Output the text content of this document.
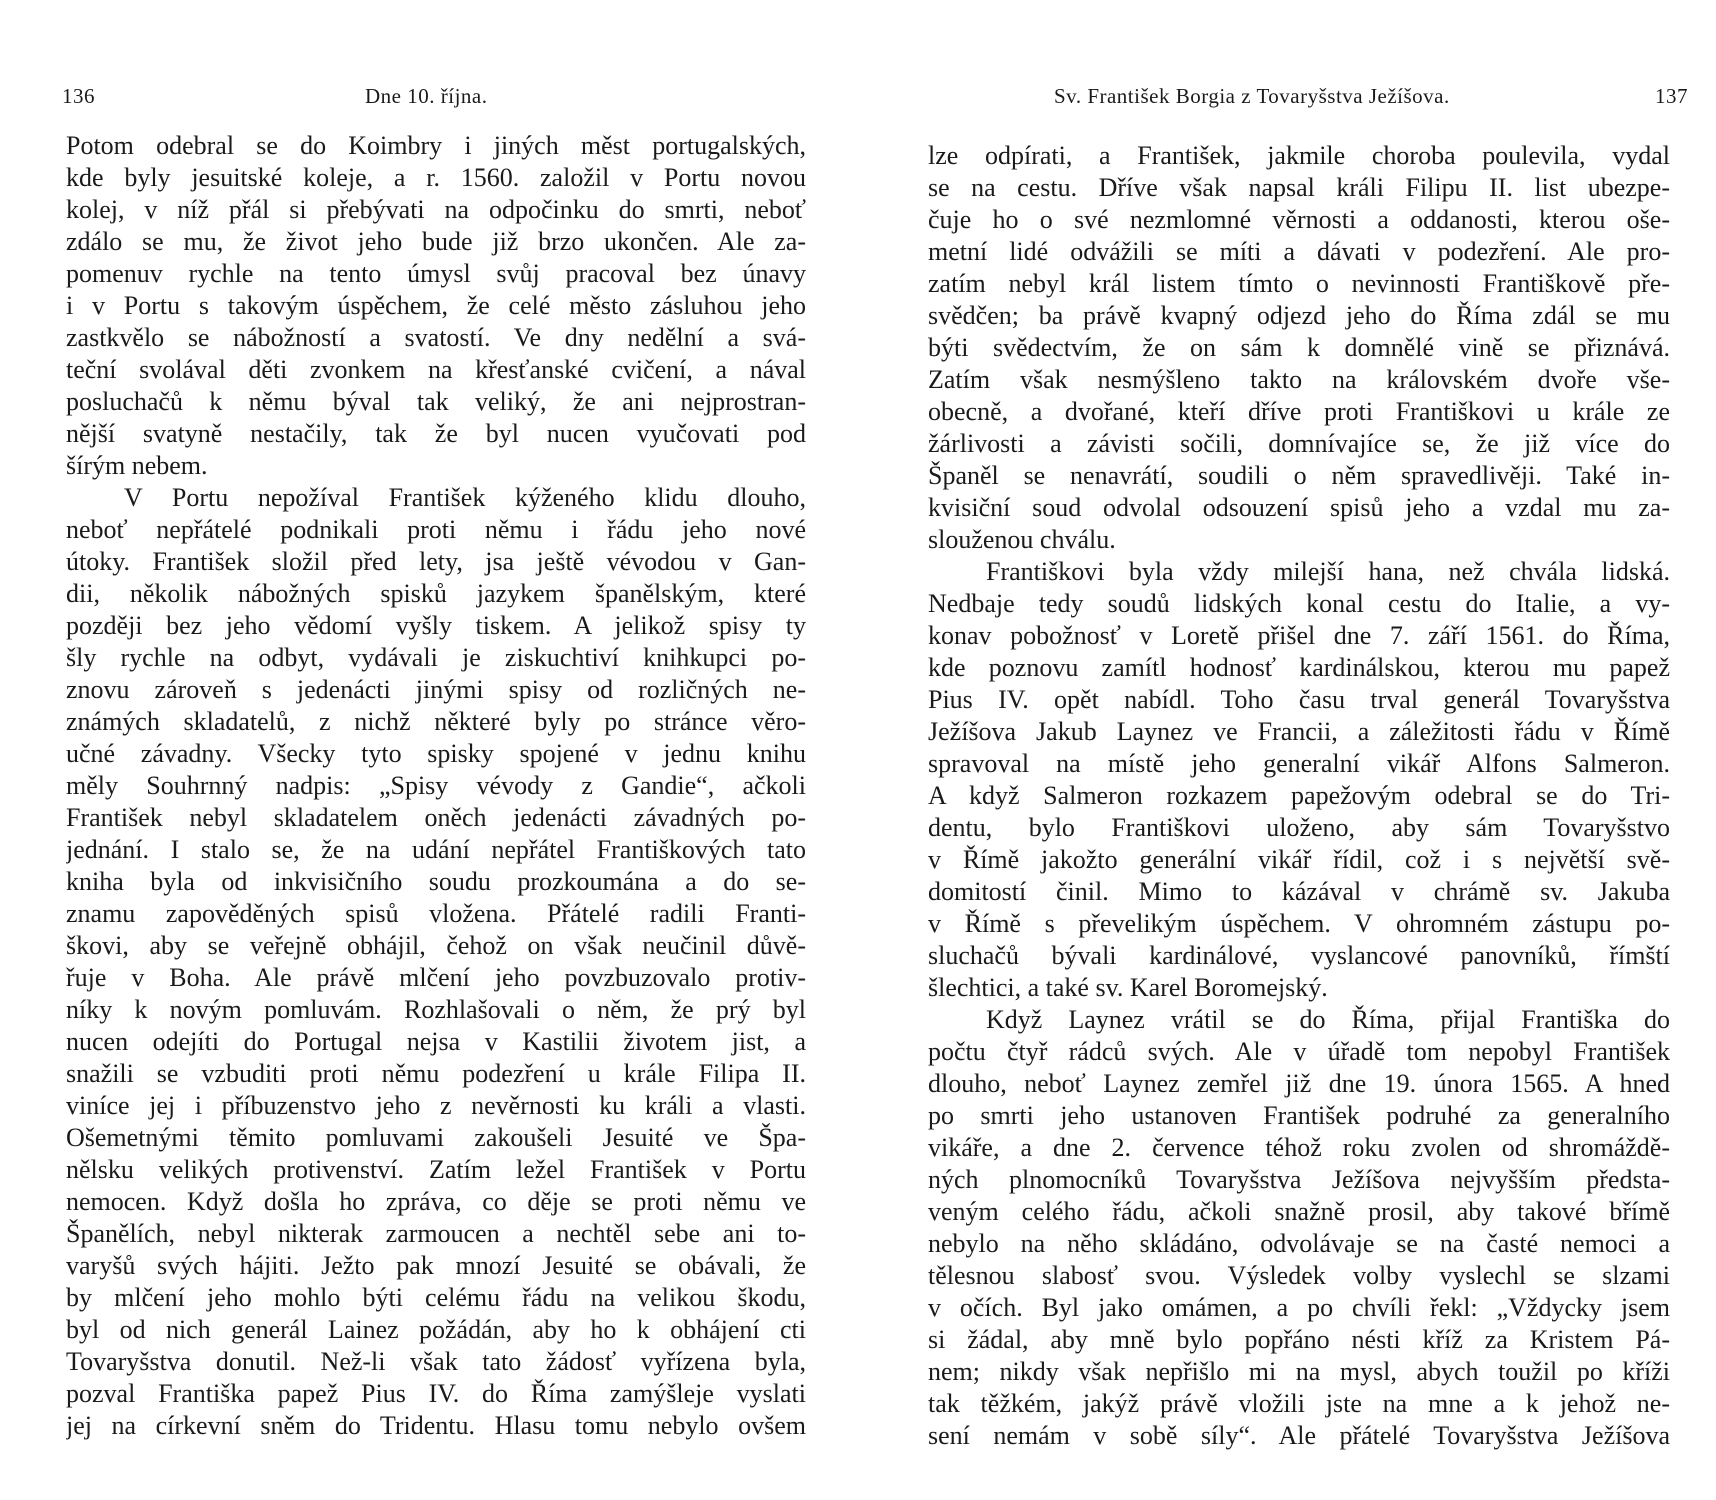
136	Dne 10. října.
Potom odebral se do Koimbry i jiných měst portugalských,
kde byly jesuitské koleje, a r. 1560. založil v Portu novou
kolej, v níž přál si přebývati na odpočinku do smrti, neboť
zdálo se mu, že život jeho bude již brzo ukončen. Ale za-
pomenuv rychle na tento úmysl svůj pracoval bez únavy
i v Portu s takovým úspěchem, že celé město zásluhou jeho
zastkvělo se nábožností a svatostí. Ve dny nedělní a svá-
teční svolával děti zvonkem na křesťanské cvičení, a nával
posluchačů k němu býval tak veliký, že ani nejprostran-
nější svatyně nestačily, tak že byl nucen vyučovati pod
šírým nebem.
V Portu nepožíval František kýženého klidu dlouho,
neboť nepřátelé podnikali proti němu i řádu jeho nové
útoky. František složil před lety, jsa ještě vévodou v Gan-
dii, několik nábožných spisků jazykem španělským, které
později bez jeho vědomí vyšly tiskem. A jelikož spisy ty
šly rychle na odbyt, vydávali je ziskuchtiví knihkupci po-
znovu zároveň s jedenácti jinými spisy od rozličných ne-
známých skladatelů, z nichž některé byly po stránce věro-
učné závadny. Všecky tyto spisky spojené v jednu knihu
měly Souhrnný nadpis: „Spisy vévody z Gandie“, ačkoli
František nebyl skladatelem oněch jedenácti závadných po-
jednání. I stalo se, že na udání nepřátel Františkových tato
kniha byla od inkvisičního soudu prozkoumána a do se-
znamu zapověděných spisů vložena. Přátelé radili Franti-
škovi, aby se veřejně obhájil, čehož on však neučinil důvě-
řuje v Boha. Ale právě mlčení jeho povzbuzovalo protiv-
níky k novým pomluvám. Rozhlašovali o něm, že prý byl
nucen odejíti do Portugal nejsa v Kastilii životem jist, a
snažili se vzbuditi proti němu podezření u krále Filipa II.
viníce jej i příbuzenstvo jeho z nevěrnosti ku králi a vlasti.
Ošemetnými těmito pomluvami zakoušeli Jesuité ve Špa-
nělsku velikých protivenství. Zatím ležel František v Portu
nemocen. Když došla ho zpráva, co děje se proti němu ve
Španělích, nebyl nikterak zarmoucen a nechtěl sebe ani to-
varyšů svých hájiti. Ježto pak mnozí Jesuité se obávali, že
by mlčení jeho mohlo býti celému řádu na velikou škodu,
byl od nich generál Lainez požádán, aby ho k obhájení cti
Tovaryšstva donutil. Než-li však tato žádosť vyřízena byla,
pozval Františka papež Pius IV. do Říma zamýšleje vyslati
jej na církevní sněm do Tridentu. Hlasu tomu nebylo ovšem
Sv. František Borgia z Tovaryšstva Ježíšova.	137
lze odpírati, a František, jakmile choroba poulevila, vydal
se na cestu. Dříve však napsal králi Filipu II. list ubezpe-
čuje ho o své nezmlomné věrnosti a oddanosti, kterou oše-
metní lidé odvážili se míti a dávati v podezření. Ale pro-
zatím nebyl král listem tímto o nevinnosti Františkově pře-
svědčen; ba právě kvapný odjezd jeho do Říma zdál se mu
býti svědectvím, že on sám k domnělé vině se přiznává.
Zatím však nesmýšleno takto na královském dvoře vše-
obecně, a dvořané, kteří dříve proti Františkovi u krále ze
žárlivosti a závisti sočili, domnívajíce se, že již více do
Španěl se nenavrátí, soudili o něm spravedlivěji. Také in-
kvisiční soud odvolal odsouzení spisů jeho a vzdal mu za-
slouženou chválu.
Františkovi byla vždy milejší hana, než chvála lidská.
Nedbaje tedy soudů lidských konal cestu do Italie, a vy-
konav pobožnosť v Loretě přišel dne 7. září 1561. do Říma,
kde poznovu zamítl hodnosť kardinálskou, kterou mu papež
Pius IV. opět nabídl. Toho času trval generál Tovaryšstva
Ježíšova Jakub Laynez ve Francii, a záležitosti řádu v Římě
spravoval na místě jeho generalní vikář Alfons Salmeron.
A když Salmeron rozkazem papežovým odebral se do Tri-
dentu, bylo Františkovi uloženo, aby sám Tovaryšstvo
v Římě jakožto generální vikář řídil, což i s největší svě-
domitostí činil. Mimo to kázával v chrámě sv. Jakuba
v Římě s převelikým úspěchem. V ohromném zástupu po-
sluchačů bývali kardinálové, vyslancové panovníků, římští
šlechtici, a také sv. Karel Boromejský.
Když Laynez vrátil se do Říma, přijal Františka do
počtu čtyř rádců svých. Ale v úřadě tom nepobyl František
dlouho, neboť Laynez zemřel již dne 19. února 1565. A hned
po smrti jeho ustanoven František podruhé za generalního
vikáře, a dne 2. července téhož roku zvolen od shromáždě-
ných plnomocníků Tovaryšstva Ježíšova nejvyšším předsta-
veným celého řádu, ačkoli snažně prosil, aby takové břímě
nebylo na něho skládáno, odvolávaje se na časté nemoci a
tělesnou slabosť svou. Výsledek volby vyslechl se slzami
v očích. Byl jako omámen, a po chvíli řekl: „Vždycky jsem
si žádal, aby mně bylo popřáno nésti kříž za Kristem Pá-
nem; nikdy však nepřišlo mi na mysl, abych toužil po kříži
tak těžkém, jakýž právě vložili jste na mne a k jehož ne-
sení nemám v sobě síly“. Ale přátelé Tovaryšstva Ježíšova
